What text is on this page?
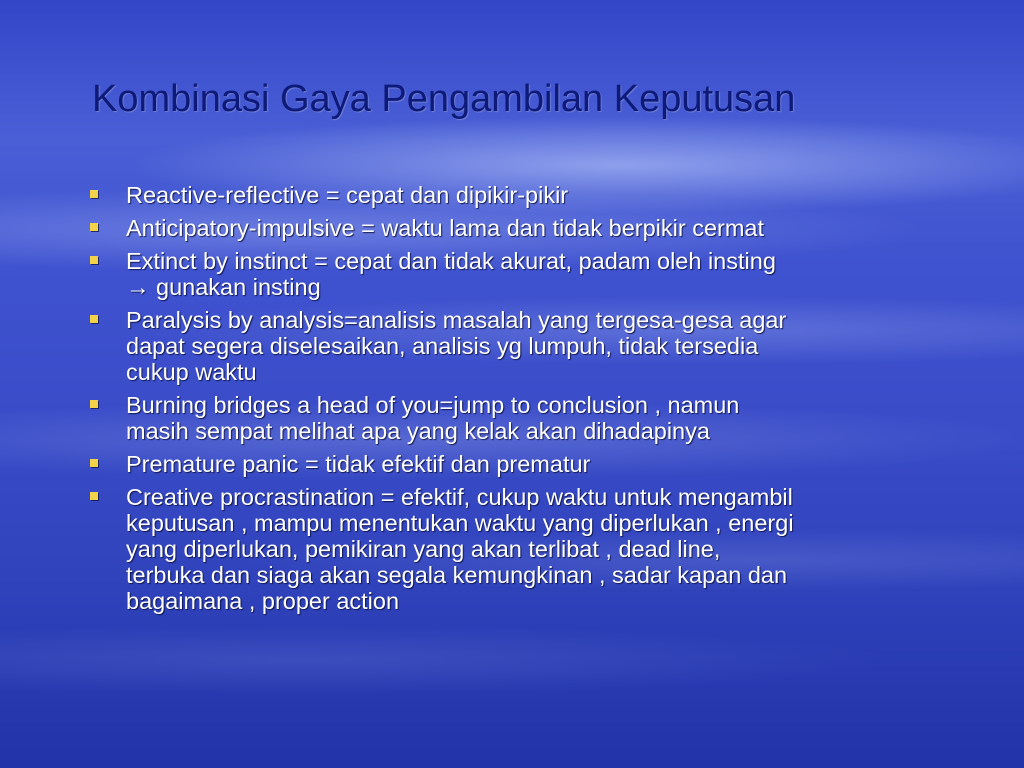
Kombinasi Gaya Pengambilan Keputusan
Reactive-reflective = cepat dan dipikir-pikir
Anticipatory-impulsive = waktu lama dan tidak berpikir cermat
Extinct by instinct = cepat dan tidak akurat, padam oleh insting
→ gunakan insting
Paralysis by analysis=analisis masalah yang tergesa-gesa agar
dapat segera diselesaikan, analisis yg lumpuh, tidak tersedia
cukup waktu
Burning bridges a head of you=jump to conclusion , namun
masih sempat melihat apa yang kelak akan dihadapinya
Premature panic = tidak efektif dan prematur
Creative procrastination = efektif, cukup waktu untuk mengambil
keputusan , mampu menentukan waktu yang diperlukan , energi
yang diperlukan, pemikiran yang akan terlibat , dead line,
terbuka dan siaga akan segala kemungkinan , sadar kapan dan
bagaimana , proper action
